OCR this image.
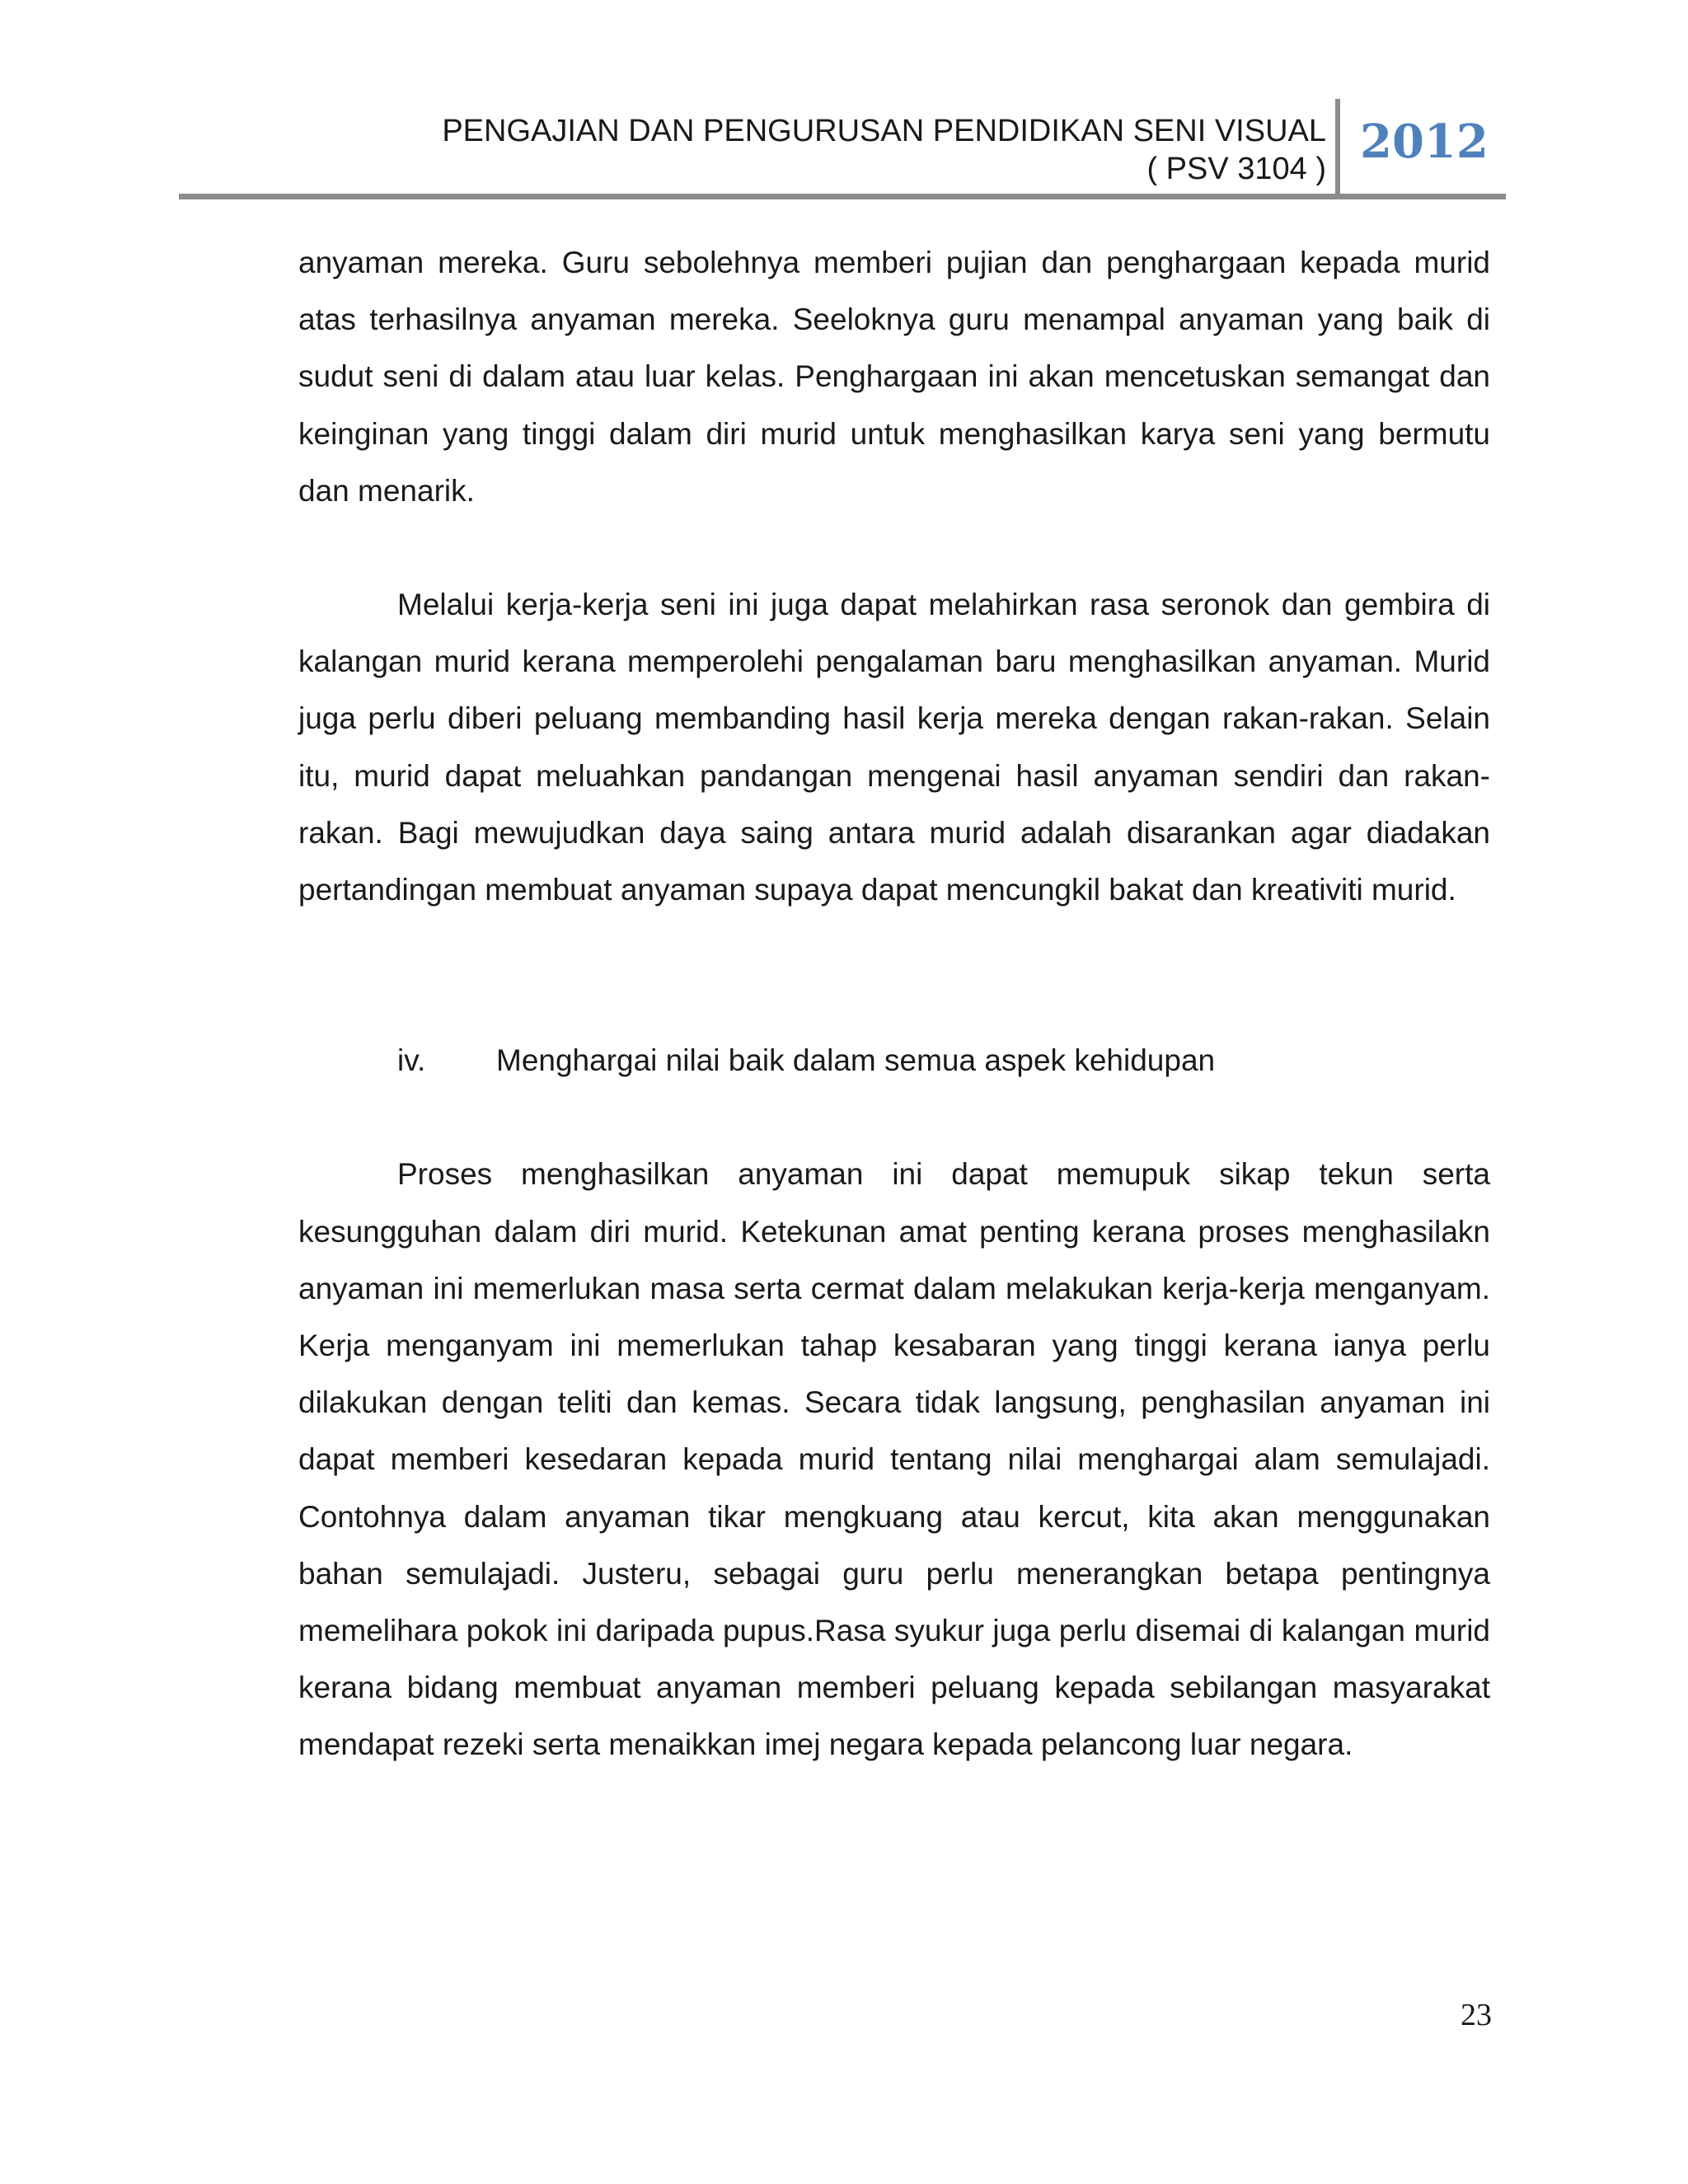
PENGAJIAN DAN PENGURUSAN PENDIDIKAN SENI VISUAL
( PSV 3104 ) 2012

anyaman mereka. Guru sebolehnya memberi pujian dan penghargaan kepada murid atas terhasilnya anyaman mereka. Seeloknya guru menampal anyaman yang baik di sudut seni di dalam atau luar kelas. Penghargaan ini akan mencetuskan semangat dan keinginan yang tinggi dalam diri murid untuk menghasilkan karya seni yang bermutu dan menarik.

Melalui kerja-kerja seni ini juga dapat melahirkan rasa seronok dan gembira di kalangan murid kerana memperolehi pengalaman baru menghasilkan anyaman. Murid juga perlu diberi peluang membanding hasil kerja mereka dengan rakan-rakan. Selain itu, murid dapat meluahkan pandangan mengenai hasil anyaman sendiri dan rakan-rakan. Bagi mewujudkan daya saing antara murid adalah disarankan agar diadakan pertandingan membuat anyaman supaya dapat mencungkil bakat dan kreativiti murid.

iv.	Menghargai nilai baik dalam semua aspek kehidupan

Proses menghasilkan anyaman ini dapat memupuk sikap tekun serta kesungguhan dalam diri murid. Ketekunan amat penting kerana proses menghasilakn anyaman ini memerlukan masa serta cermat dalam melakukan kerja-kerja menganyam. Kerja menganyam ini memerlukan tahap kesabaran yang tinggi kerana ianya perlu dilakukan dengan teliti dan kemas. Secara tidak langsung, penghasilan anyaman ini dapat memberi kesedaran kepada murid tentang nilai menghargai alam semulajadi. Contohnya dalam anyaman tikar mengkuang atau kercut, kita akan menggunakan bahan semulajadi. Justeru, sebagai guru perlu menerangkan betapa pentingnya memelihara pokok ini daripada pupus.Rasa syukur juga perlu disemai di kalangan murid kerana bidang membuat anyaman memberi peluang kepada sebilangan masyarakat mendapat rezeki serta menaikkan imej negara kepada pelancong luar negara.

23
